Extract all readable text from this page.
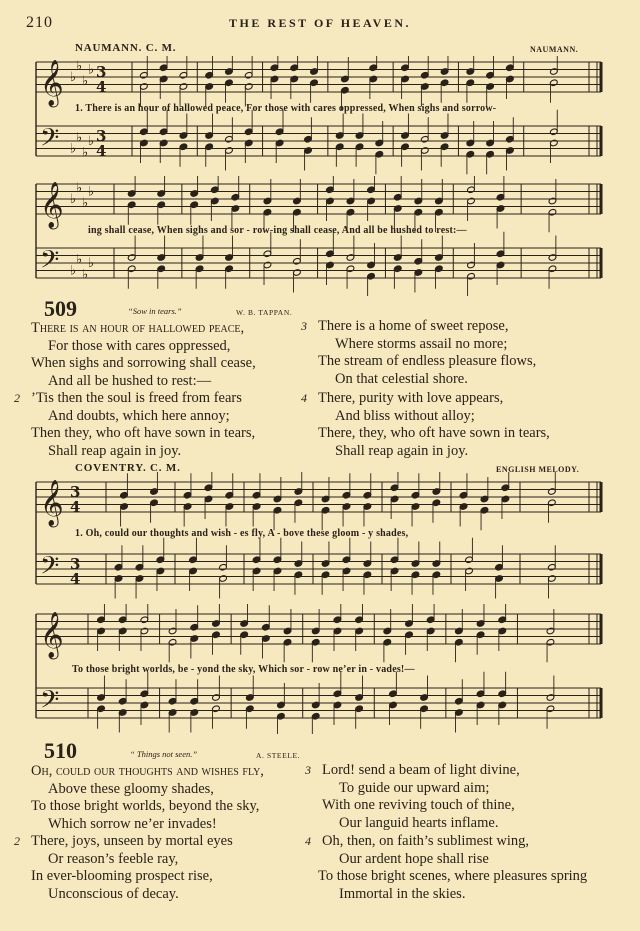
210	THE REST OF HEAVEN.
NAUMANN. C. M.	NAUMANN.
𝄞 ♭
♭
♭
♭ 3
4
𝄢 ♭
♭
♭
♭ 3
4
1. There is an hour of hallowed peace, For those with cares oppressed, When sighs and sorrow-
𝄞 ♭
♭
♭
♭
𝄢 ♭
♭
♭
♭
ing shall cease, When sighs and sor - row-ing shall cease, And all be hushed to rest:—
509	“Sow in tears.”	W. B. TAPPAN.
There is an hour of hallowed peace,
For those with cares oppressed,
When sighs and sorrowing shall cease,
And all be hushed to rest:—
2 ’Tis then the soul is freed from fears
And doubts, which here annoy;
Then they, who oft have sown in tears,
Shall reap again in joy.
3 There is a home of sweet repose,
Where storms assail no more;
The stream of endless pleasure flows,
On that celestial shore.
4 There, purity with love appears,
And bliss without alloy;
There, they, who oft have sown in tears,
Shall reap again in joy.
COVENTRY. C. M.	ENGLISH MELODY.
𝄞 3
4
𝄢 3
4
1. Oh, could our thoughts and wish - es fly, A - bove these gloom - y shades,
𝄞
𝄢
To those bright worlds, be - yond the sky, Which sor - row ne’er in - vades!—
510	“ Things not seen.”	A. STEELE.
Oh, could our thoughts and wishes fly,
Above these gloomy shades,
To those bright worlds, beyond the sky,
Which sorrow ne’er invades!
2 There, joys, unseen by mortal eyes
Or reason’s feeble ray,
In ever-blooming prospect rise,
Unconscious of decay.
3 Lord! send a beam of light divine,
To guide our upward aim;
With one reviving touch of thine,
Our languid hearts inflame.
4 Oh, then, on faith’s sublimest wing,
Our ardent hope shall rise
To those bright scenes, where pleasures spring
Immortal in the skies.
